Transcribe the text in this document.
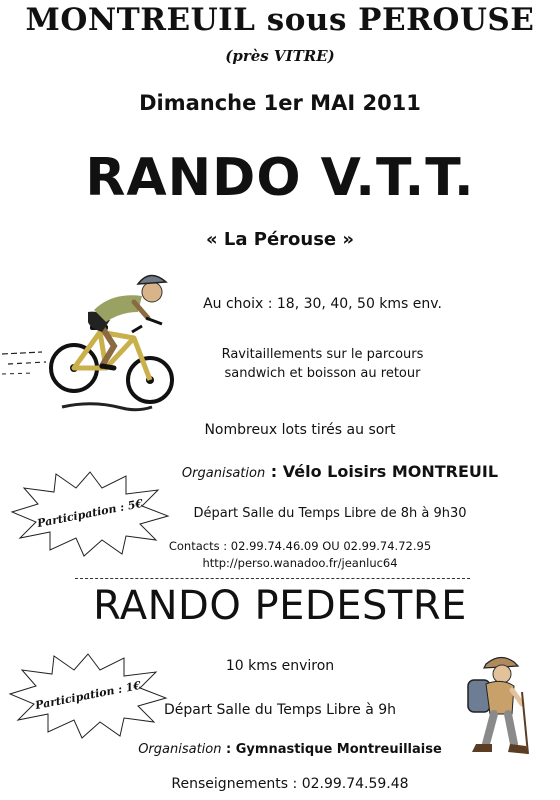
MONTREUIL sous PEROUSE
(près VITRE)
Dimanche 1er MAI 2011
RANDO V.T.T.
« La Pérouse »
Au choix : 18, 30, 40, 50 kms env.
Ravitaillements sur le parcours
sandwich et boisson au retour
Nombreux lots tirés au sort
Organisation : Vélo Loisirs MONTREUIL
Participation : 5€	Départ Salle du Temps Libre de 8h à 9h30
Contacts : 02.99.74.46.09 OU 02.99.74.72.95
http://perso.wanadoo.fr/jeanluc64
RANDO PEDESTRE
10 kms environ
Participation : 1€	Départ Salle du Temps Libre à 9h
Organisation : Gymnastique Montreuillaise
Renseignements : 02.99.74.59.48
